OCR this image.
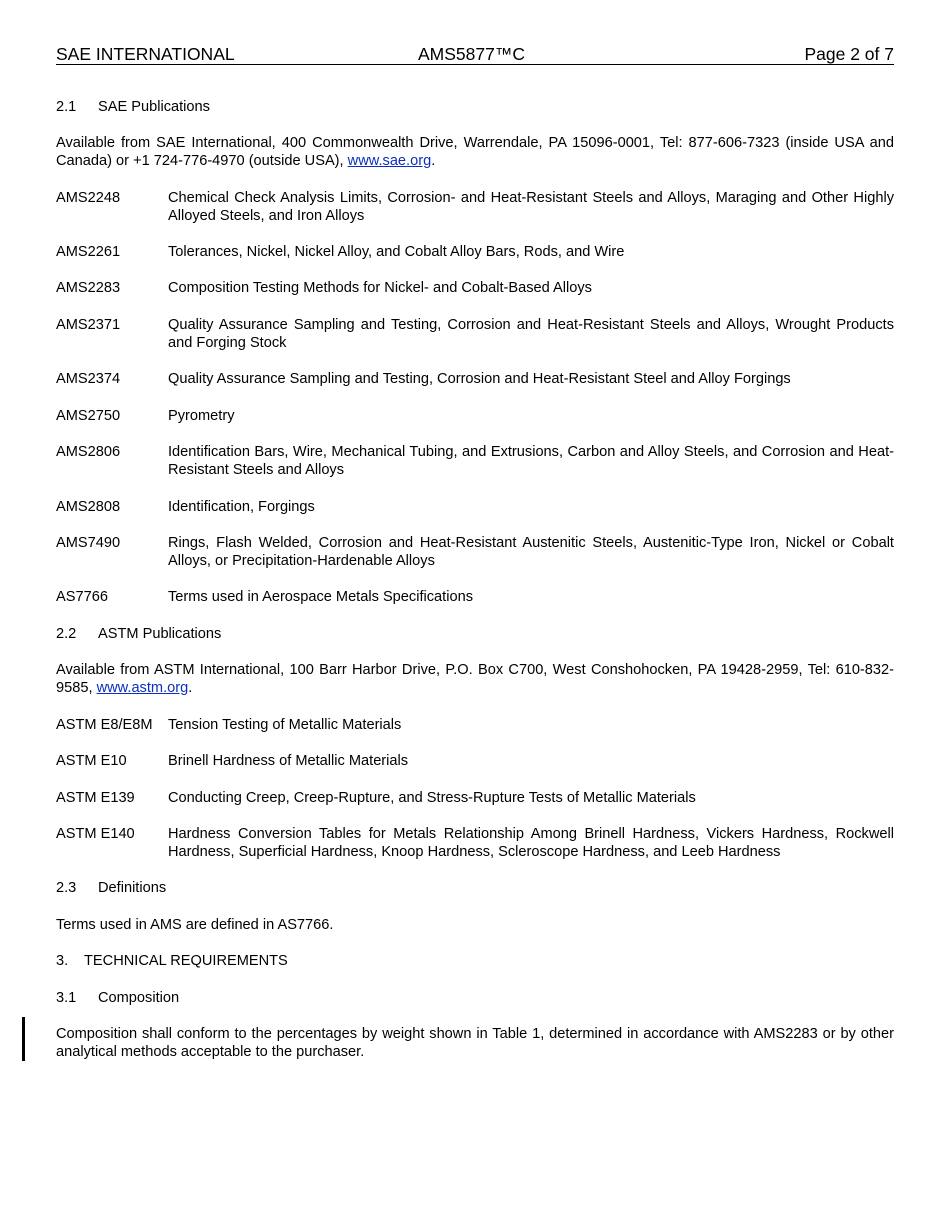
SAE INTERNATIONAL	AMS5877™C	Page 2 of 7
2.1 SAE Publications
Available from SAE International, 400 Commonwealth Drive, Warrendale, PA 15096-0001, Tel: 877-606-7323 (inside USA and Canada) or +1 724-776-4970 (outside USA), www.sae.org.
AMS2248	Chemical Check Analysis Limits, Corrosion- and Heat-Resistant Steels and Alloys, Maraging and Other Highly Alloyed Steels, and Iron Alloys
AMS2261	Tolerances, Nickel, Nickel Alloy, and Cobalt Alloy Bars, Rods, and Wire
AMS2283	Composition Testing Methods for Nickel- and Cobalt-Based Alloys
AMS2371	Quality Assurance Sampling and Testing, Corrosion and Heat-Resistant Steels and Alloys, Wrought Products and Forging Stock
AMS2374	Quality Assurance Sampling and Testing, Corrosion and Heat-Resistant Steel and Alloy Forgings
AMS2750	Pyrometry
AMS2806	Identification Bars, Wire, Mechanical Tubing, and Extrusions, Carbon and Alloy Steels, and Corrosion and Heat-Resistant Steels and Alloys
AMS2808	Identification, Forgings
AMS7490	Rings, Flash Welded, Corrosion and Heat-Resistant Austenitic Steels, Austenitic-Type Iron, Nickel or Cobalt Alloys, or Precipitation-Hardenable Alloys
AS7766	Terms used in Aerospace Metals Specifications
2.2 ASTM Publications
Available from ASTM International, 100 Barr Harbor Drive, P.O. Box C700, West Conshohocken, PA 19428-2959, Tel: 610-832-9585, www.astm.org.
ASTM E8/E8M	Tension Testing of Metallic Materials
ASTM E10	Brinell Hardness of Metallic Materials
ASTM E139	Conducting Creep, Creep-Rupture, and Stress-Rupture Tests of Metallic Materials
ASTM E140	Hardness Conversion Tables for Metals Relationship Among Brinell Hardness, Vickers Hardness, Rockwell Hardness, Superficial Hardness, Knoop Hardness, Scleroscope Hardness, and Leeb Hardness
2.3 Definitions
Terms used in AMS are defined in AS7766.
3. TECHNICAL REQUIREMENTS
3.1 Composition
Composition shall conform to the percentages by weight shown in Table 1, determined in accordance with AMS2283 or by other analytical methods acceptable to the purchaser.
